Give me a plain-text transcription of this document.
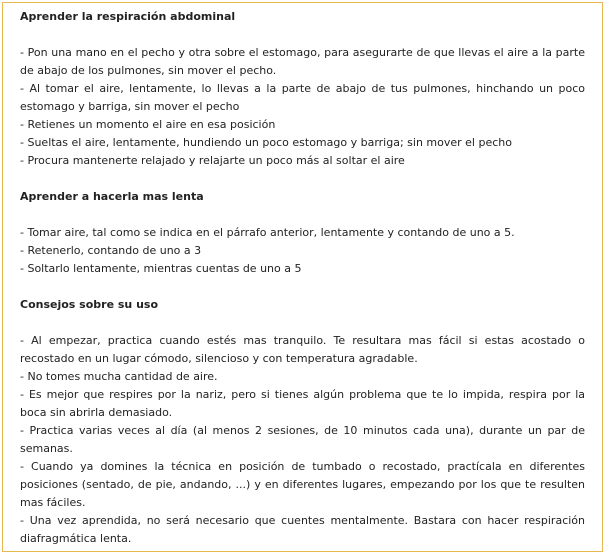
Aprender la respiración abdominal

- Pon una mano en el pecho y otra sobre el estomago, para asegurarte de que llevas el aire a la parte de abajo de los pulmones, sin mover el pecho.

- Al tomar el aire, lentamente, lo llevas a la parte de abajo de tus pulmones, hinchando un poco estomago y barriga, sin mover el pecho

- Retienes un momento el aire en esa posición

- Sueltas el aire, lentamente, hundiendo un poco estomago y barriga; sin mover el pecho

- Procura mantenerte relajado y relajarte un poco más al soltar el aire

Aprender a hacerla mas lenta

- Tomar aire, tal como se indica en el párrafo anterior, lentamente y contando de uno a 5.

- Retenerlo, contando de uno a 3

- Soltarlo lentamente, mientras cuentas de uno a 5

Consejos sobre su uso

- Al empezar, practica cuando estés mas tranquilo. Te resultara mas fácil si estas acostado o recostado en un lugar cómodo, silencioso y con temperatura agradable.

- No tomes mucha cantidad de aire.

- Es mejor que respires por la nariz, pero si tienes algún problema que te lo impida, respira por la boca sin abrirla demasiado.

- Practica varias veces al día (al menos 2 sesiones, de 10 minutos cada una), durante un par de semanas.

- Cuando ya domines la técnica en posición de tumbado o recostado, practícala en diferentes posiciones (sentado, de pie, andando, ...) y en diferentes lugares, empezando por los que te resulten mas fáciles.

- Una vez aprendida, no será necesario que cuentes mentalmente. Bastara con hacer respiración diafragmática lenta.
